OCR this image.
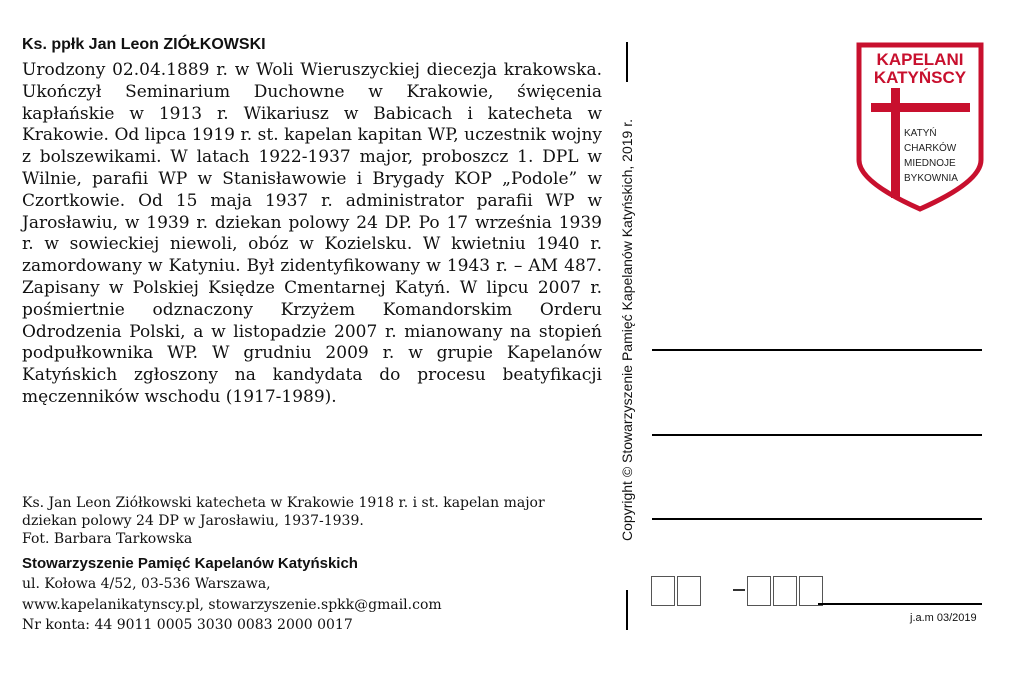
Ks. ppłk Jan Leon ZIÓŁKOWSKI
Urodzony 02.04.1889 r. w Woli Wieruszyckiej diecezja krakowska. Ukończył Seminarium Duchowne w Krakowie, święcenia kapłańskie w 1913 r. Wikariusz w Babicach i katecheta w Krakowie. Od lipca 1919 r. st. kapelan kapitan WP, uczestnik wojny z bolszewikami. W latach 1922-1937 major, proboszcz 1. DPL w Wilnie, parafii WP w Stanisławowie i Brygady KOP „Podole” w Czortkowie. Od 15 maja 1937 r. administrator parafii WP w Jarosławiu, w 1939 r. dziekan polowy 24 DP. Po 17 września 1939 r. w sowieckiej niewoli, obóz w Kozielsku. W kwietniu 1940 r. zamordowany w Katyniu. Był zidentyfikowany w 1943 r. – AM 487. Zapisany w Polskiej Księdze Cmentarnej Katyń. W lipcu 2007 r. pośmiertnie odznaczony Krzyżem Komandorskim Orderu Odrodzenia Polski, a w listopadzie 2007 r. mianowany na stopień podpułkownika WP. W grudniu 2009 r. w grupie Kapelanów Katyńskich zgłoszony na kandydata do procesu beatyfikacji męczenników wschodu (1917-1989).
Ks. Jan Leon Ziółkowski katecheta w Krakowie 1918 r. i st. kapelan major dziekan polowy 24 DP w Jarosławiu, 1937-1939.
Fot. Barbara Tarkowska
Stowarzyszenie Pamięć Kapelanów Katyńskich
ul. Kołowa 4/52, 03-536 Warszawa,
www.kapelanikatynscy.pl, stowarzyszenie.spkk@gmail.com
Nr konta: 44 9011 0005 3030 0083 2000 0017
Copyright © Stowarzyszenie Pamięć Kapelanów Katyńskich, 2019 r.
KAPELANI
KATYŃSCY
KATYŃ
CHARKÓW
MIEDNOJE
BYKOWNIA
j.a.m 03/2019
